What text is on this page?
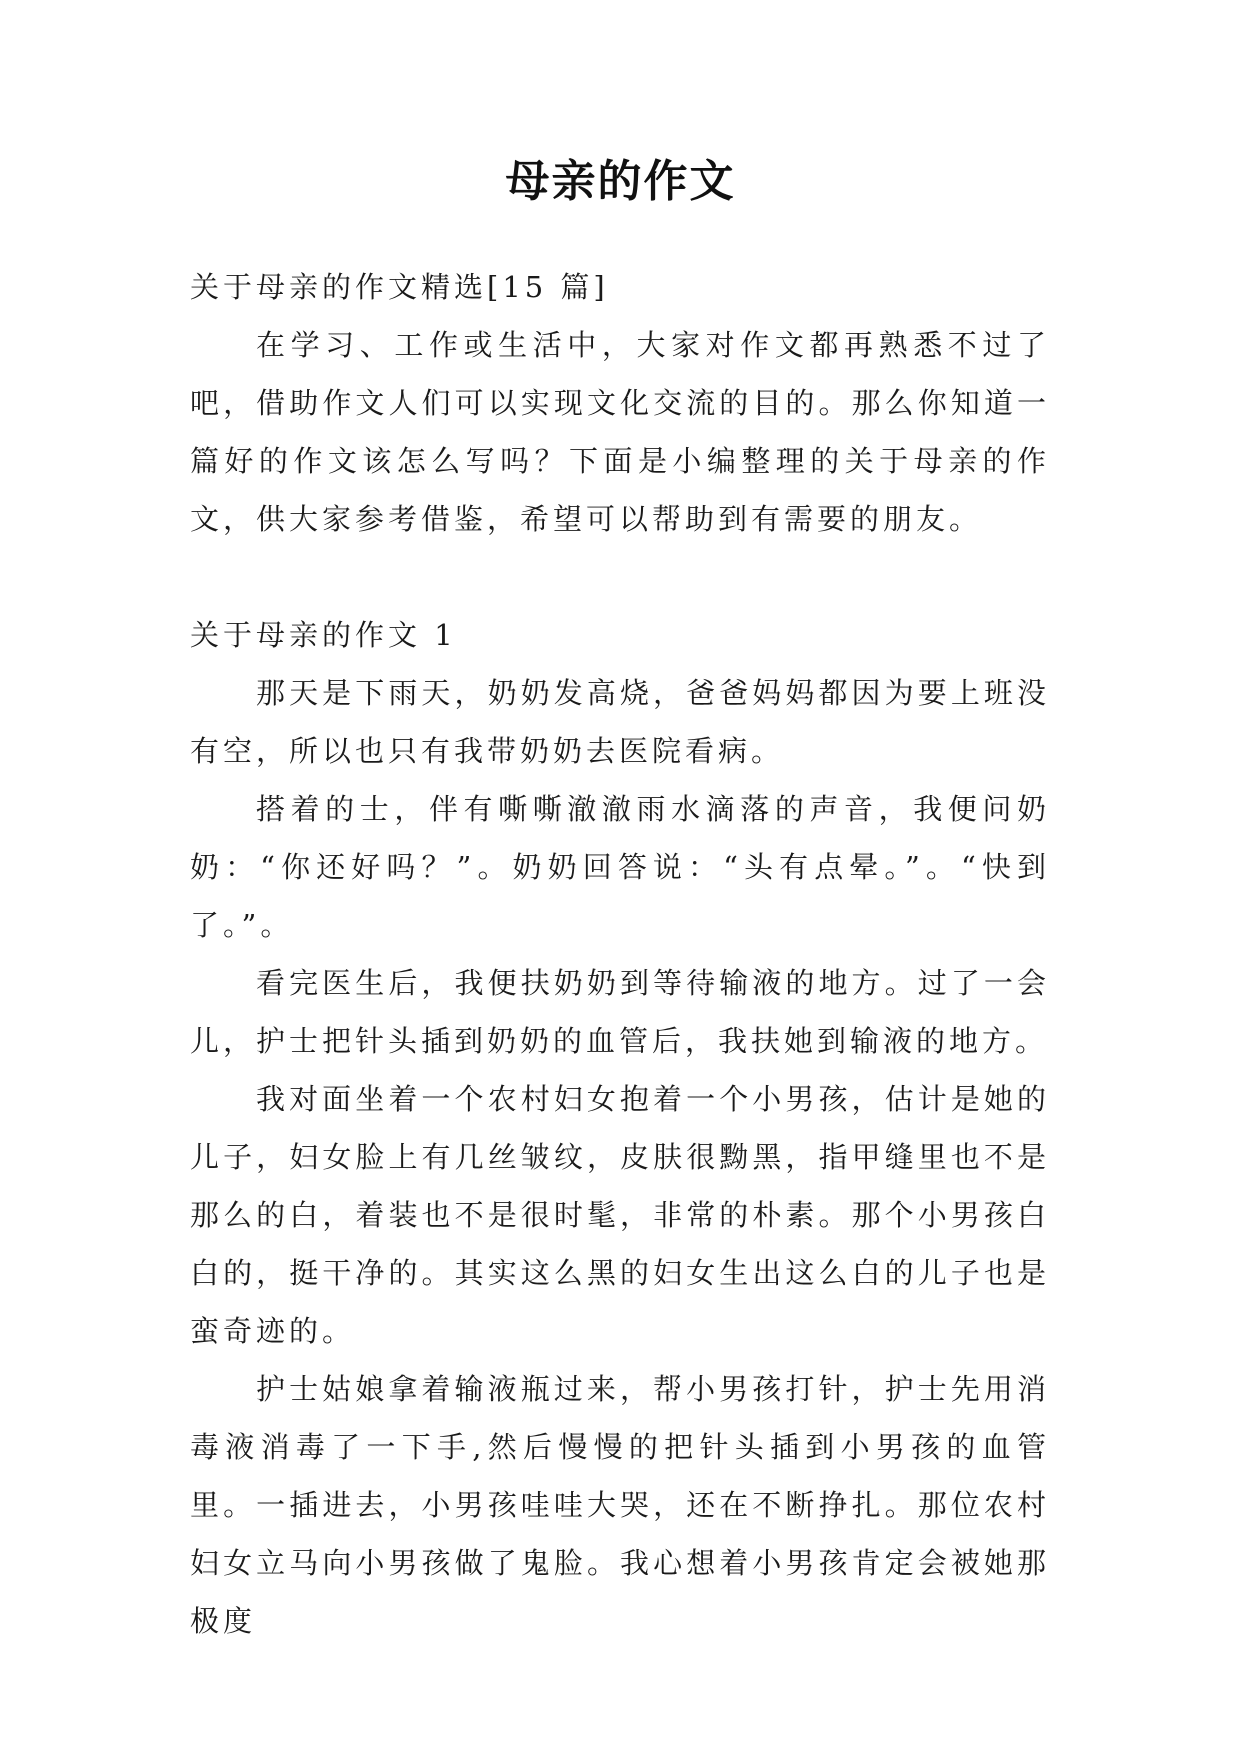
母亲的作文

关于母亲的作文精选[15 篇]

在学习、工作或生活中，大家对作文都再熟悉不过了吧，借助作文人们可以实现文化交流的目的。那么你知道一篇好的作文该怎么写吗？下面是小编整理的关于母亲的作文，供大家参考借鉴，希望可以帮助到有需要的朋友。

关于母亲的作文 1

那天是下雨天，奶奶发高烧，爸爸妈妈都因为要上班没有空，所以也只有我带奶奶去医院看病。

搭着的士，伴有嘶嘶澈澈雨水滴落的声音，我便问奶奶：“你还好吗？”。奶奶回答说：“头有点晕。”。“快到了。”。

看完医生后，我便扶奶奶到等待输液的地方。过了一会儿，护士把针头插到奶奶的血管后，我扶她到输液的地方。

我对面坐着一个农村妇女抱着一个小男孩，估计是她的儿子，妇女脸上有几丝皱纹，皮肤很黝黑，指甲缝里也不是那么的白，着装也不是很时髦，非常的朴素。那个小男孩白白的，挺干净的。其实这么黑的妇女生出这么白的儿子也是蛮奇迹的。

护士姑娘拿着输液瓶过来，帮小男孩打针，护士先用消毒液消毒了一下手,然后慢慢的把针头插到小男孩的血管里。一插进去，小男孩哇哇大哭，还在不断挣扎。那位农村妇女立马向小男孩做了鬼脸。我心想着小男孩肯定会被她那极度
